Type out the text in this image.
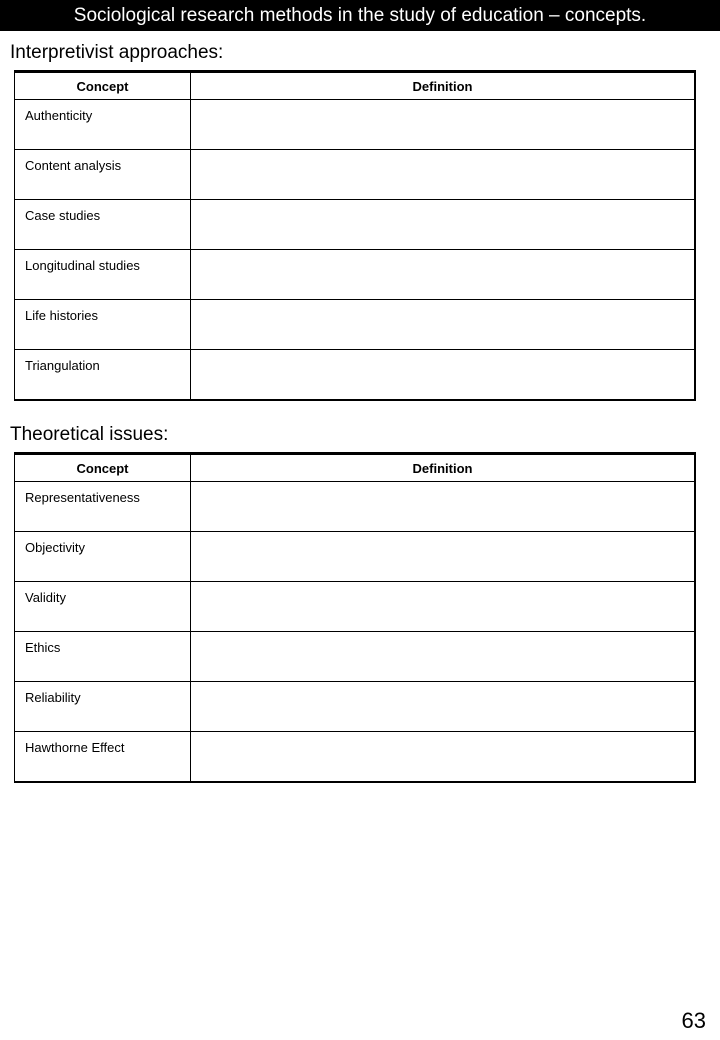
Sociological research methods in the study of education – concepts.
Interpretivist approaches:
Concept	Definition
Authenticity	
Content analysis	
Case studies	
Longitudinal studies	
Life histories	
Triangulation	
Theoretical issues:
Concept	Definition
Representativeness	
Objectivity	
Validity	
Ethics	
Reliability	
Hawthorne Effect	
63
